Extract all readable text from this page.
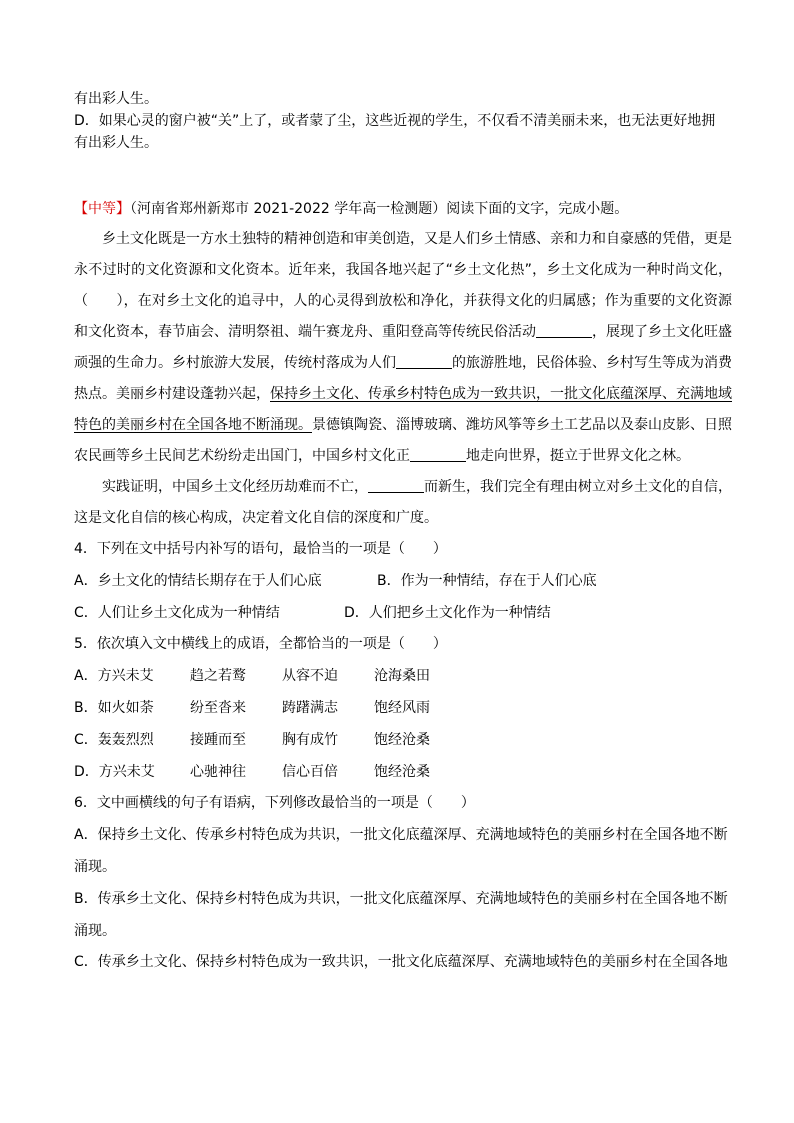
有出彩人生。
D．如果心灵的窗户被“关”上了，或者蒙了尘，这些近视的学生，不仅看不清美丽未来，也无法更好地拥
有出彩人生。
【中等】（河南省郑州新郑市 2021-2022 学年高一检测题）阅读下面的文字，完成小题。

乡土文化既是一方水土独特的精神创造和审美创造，又是人们乡土情感、亲和力和自豪感的凭借，更是永不过时的文化资源和文化资本。近年来，我国各地兴起了“乡土文化热”，乡土文化成为一种时尚文化，（　　），在对乡土文化的追寻中，人的心灵得到放松和净化，并获得文化的归属感；作为重要的文化资源和文化资本，春节庙会、清明祭祖、端午赛龙舟、重阳登高等传统民俗活动	，展现了乡土文化旺盛顽强的生命力。乡村旅游大发展，传统村落成为人们	的旅游胜地，民俗体验、乡村写生等成为消费热点。美丽乡村建设蓬勃兴起，保持乡土文化、传承乡村特色成为一致共识，一批文化底蕴深厚、充满地域特色的美丽乡村在全国各地不断涌现。景德镇陶瓷、淄博玻璃、潍坊风筝等乡土工艺品以及泰山皮影、日照农民画等乡土民间艺术纷纷走出国门，中国乡村文化正	地走向世界，挺立于世界文化之林。

实践证明，中国乡土文化经历劫难而不亡，	而新生，我们完全有理由树立对乡土文化的自信，这是文化自信的核心构成，决定着文化自信的深度和广度。

4．下列在文中括号内补写的语句，最恰当的一项是（　　）
A．乡土文化的情结长期存在于人们心底	B．作为一种情结，存在于人们心底
C．人们让乡土文化成为一种情结	D．人们把乡土文化作为一种情结
5．依次填入文中横线上的成语，全都恰当的一项是（　　）
A．方兴未艾	趋之若鹜	从容不迫	沧海桑田
B．如火如荼	纷至沓来	踌躇满志	饱经风雨
C．轰轰烈烈	接踵而至	胸有成竹	饱经沧桑
D．方兴未艾	心驰神往	信心百倍	饱经沧桑
6．文中画横线的句子有语病，下列修改最恰当的一项是（　　）
A．保持乡土文化、传承乡村特色成为共识，一批文化底蕴深厚、充满地域特色的美丽乡村在全国各地不断
涌现。
B．传承乡土文化、保持乡村特色成为共识，一批文化底蕴深厚、充满地域特色的美丽乡村在全国各地不断
涌现。
C．传承乡土文化、保持乡村特色成为一致共识，一批文化底蕴深厚、充满地域特色的美丽乡村在全国各地
